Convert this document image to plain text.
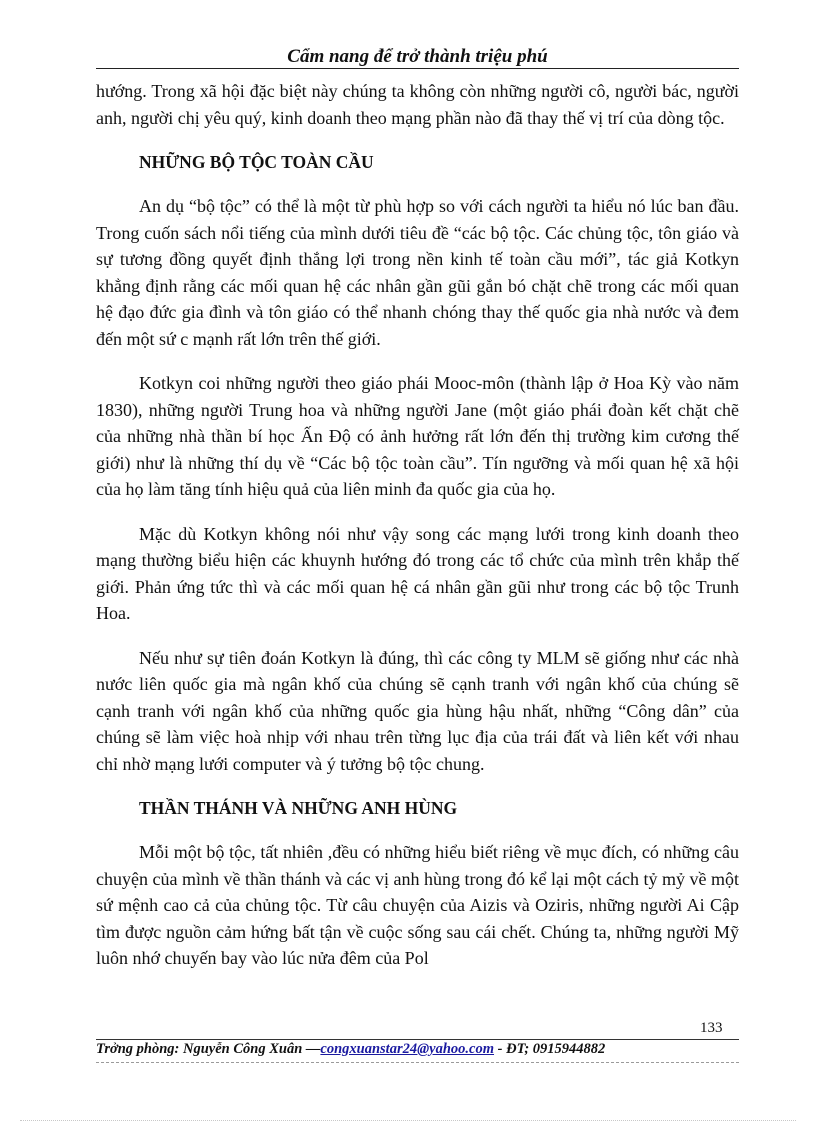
Cẩm nang để trở thành triệu phú

hướng. Trong xã hội đặc biệt này chúng ta không còn những người cô, người bác, người anh, người chị yêu quý, kinh doanh theo mạng phần nào đã thay thế vị trí của dòng tộc.

NHỮNG BỘ TỘC TOÀN CẦU

An dụ “bộ tộc” có thể là một từ phù hợp so với cách người ta hiểu nó lúc ban đầu. Trong cuốn sách nổi tiếng của mình dưới tiêu đề “các bộ tộc. Các chủng tộc, tôn giáo và sự tương đồng quyết định thắng lợi trong nền kinh tế toàn cầu mới”, tác giả Kotkyn khẳng định rằng các mối quan hệ các nhân gần gũi gắn bó chặt chẽ trong các mối quan hệ đạo đức gia đình và tôn giáo có thể nhanh chóng thay thế quốc gia nhà nước và đem đến một sứ c mạnh rất lớn trên thế giới.

Kotkyn coi những người theo giáo phái Mooc-môn (thành lập ở Hoa Kỳ vào năm 1830), những người Trung hoa và những người Jane (một giáo phái đoàn kết chặt chẽ của những nhà thần bí học Ấn Độ có ảnh hưởng rất lớn đến thị trường kim cương thế giới) như là những thí dụ về “Các bộ tộc toàn cầu”. Tín ngưỡng và mối quan hệ xã hội của họ làm tăng tính hiệu quả của liên minh đa quốc gia của họ.

Mặc dù Kotkyn không nói như vậy song các mạng lưới trong kinh doanh theo mạng thường biểu hiện các khuynh hướng đó trong các tổ chức của mình trên khắp thế giới. Phản ứng tức thì và các mối quan hệ cá nhân gần gũi như trong các bộ tộc Trunh Hoa.

Nếu như sự tiên đoán Kotkyn là đúng, thì các công ty MLM sẽ giống như các nhà nước liên quốc gia mà ngân khố của chúng sẽ cạnh tranh với ngân khố của chúng sẽ cạnh tranh với ngân khố của những quốc gia hùng hậu nhất, những “Công dân” của chúng sẽ làm việc hoà nhịp với nhau trên từng lục địa của trái đất và liên kết với nhau chỉ nhờ mạng lưới computer và ý tưởng bộ tộc chung.

THẦN THÁNH VÀ NHỮNG ANH HÙNG

Mỗi một bộ tộc, tất nhiên ,đều có những hiểu biết riêng về mục đích, có những câu chuyện của mình về thần thánh và các vị anh hùng trong đó kể lại một cách tỷ mỷ về một sứ mệnh cao cả của chủng tộc. Từ câu chuyện của Aizis và Oziris, những người Ai Cập tìm được nguồn cảm hứng bất tận về cuộc sống sau cái chết. Chúng ta, những người Mỹ luôn nhớ chuyến bay vào lúc nửa đêm của Pol

133
Trởng phòng: Nguyễn Công Xuân —congxuanstar24@yahoo.com - ĐT; 0915944882
